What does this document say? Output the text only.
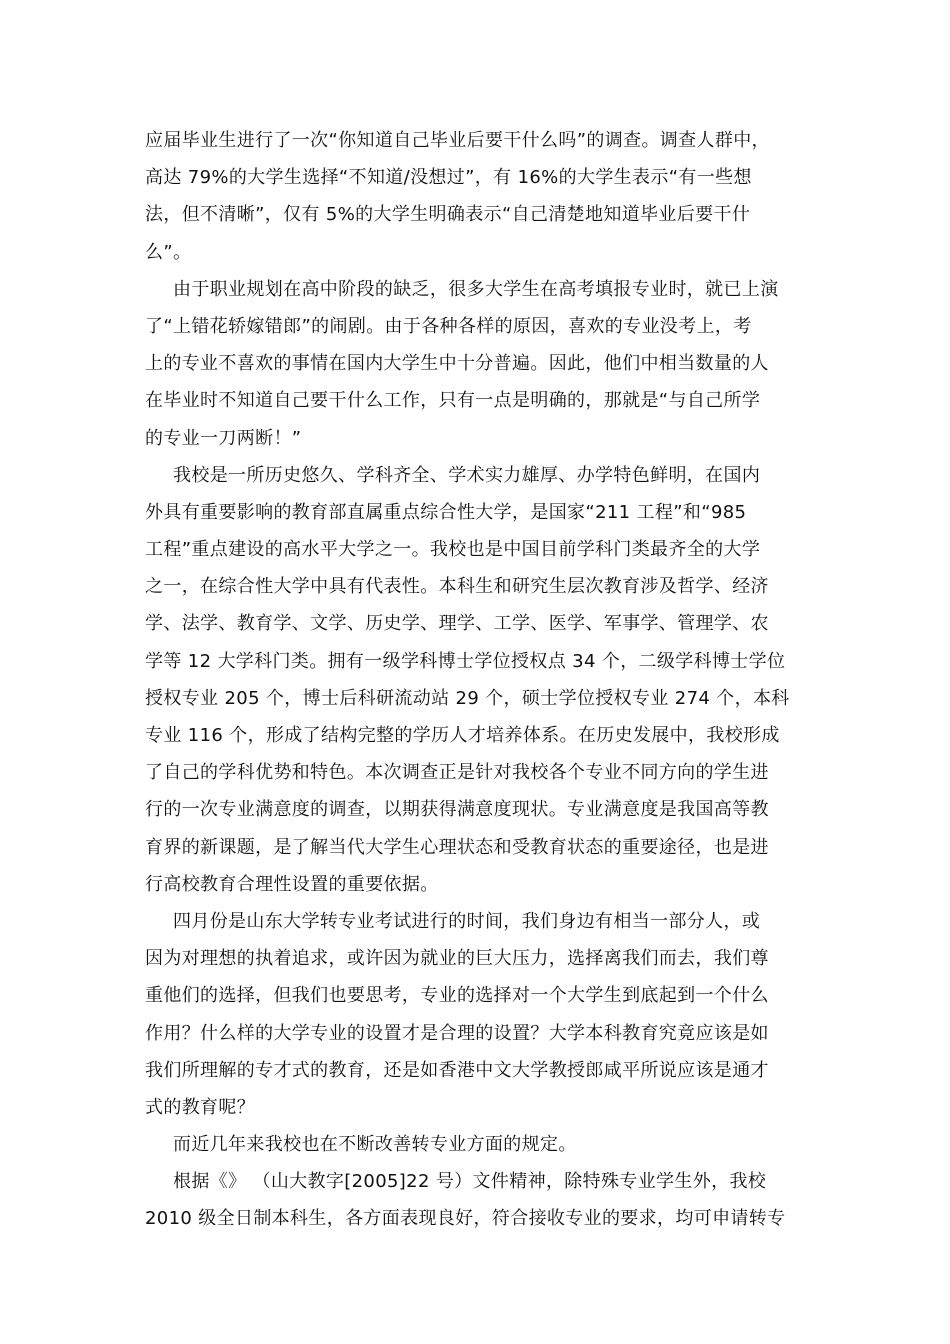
应届毕业生进行了一次“你知道自己毕业后要干什么吗”的调查。调查人群中，
高达 79%的大学生选择“不知道/没想过”，有 16%的大学生表示“有一些想
法，但不清晰”，仅有 5%的大学生明确表示“自己清楚地知道毕业后要干什
么”。
由于职业规划在高中阶段的缺乏，很多大学生在高考填报专业时，就已上演
了“上错花轿嫁错郎”的闹剧。由于各种各样的原因，喜欢的专业没考上，考
上的专业不喜欢的事情在国内大学生中十分普遍。因此，他们中相当数量的人
在毕业时不知道自己要干什么工作，只有一点是明确的，那就是“与自己所学
的专业一刀两断！”
我校是一所历史悠久、学科齐全、学术实力雄厚、办学特色鲜明，在国内
外具有重要影响的教育部直属重点综合性大学，是国家“211 工程”和“985
工程”重点建设的高水平大学之一。我校也是中国目前学科门类最齐全的大学
之一，在综合性大学中具有代表性。本科生和研究生层次教育涉及哲学、经济
学、法学、教育学、文学、历史学、理学、工学、医学、军事学、管理学、农
学等 12 大学科门类。拥有一级学科博士学位授权点 34 个，二级学科博士学位
授权专业 205 个，博士后科研流动站 29 个，硕士学位授权专业 274 个，本科
专业 116 个，形成了结构完整的学历人才培养体系。在历史发展中，我校形成
了自己的学科优势和特色。本次调查正是针对我校各个专业不同方向的学生进
行的一次专业满意度的调查，以期获得满意度现状。专业满意度是我国高等教
育界的新课题，是了解当代大学生心理状态和受教育状态的重要途径，也是进
行高校教育合理性设置的重要依据。
四月份是山东大学转专业考试进行的时间，我们身边有相当一部分人，或
因为对理想的执着追求，或许因为就业的巨大压力，选择离我们而去，我们尊
重他们的选择，但我们也要思考，专业的选择对一个大学生到底起到一个什么
作用？什么样的大学专业的设置才是合理的设置？大学本科教育究竟应该是如
我们所理解的专才式的教育，还是如香港中文大学教授郎咸平所说应该是通才
式的教育呢？
而近几年来我校也在不断改善转专业方面的规定。
根据《》 （山大教字[2005]22 号）文件精神，除特殊专业学生外，我校
2010 级全日制本科生，各方面表现良好，符合接收专业的要求，均可申请转专
